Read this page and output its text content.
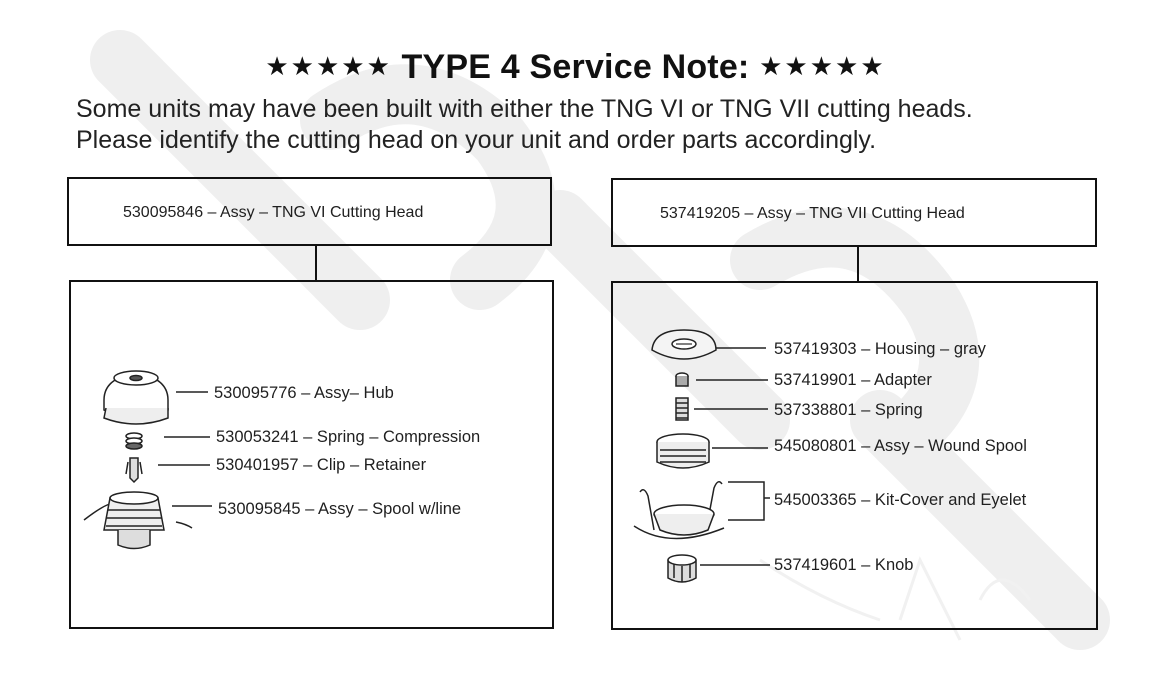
★★★★★ TYPE 4 Service Note: ★★★★★
Some units may have been built with either the TNG VI or TNG VII cutting heads.
Please identify the cutting head on your unit and order parts accordingly.
530095846 – Assy – TNG VI Cutting Head	537419205 – Assy – TNG VII Cutting Head
530095776 – Assy– Hub
530053241 – Spring – Compression
530401957 – Clip – Retainer
530095845 – Assy – Spool w/line
537419303 – Housing – gray
537419901 – Adapter
537338801 – Spring
545080801 – Assy – Wound Spool
545003365 – Kit-Cover and Eyelet
537419601 – Knob
